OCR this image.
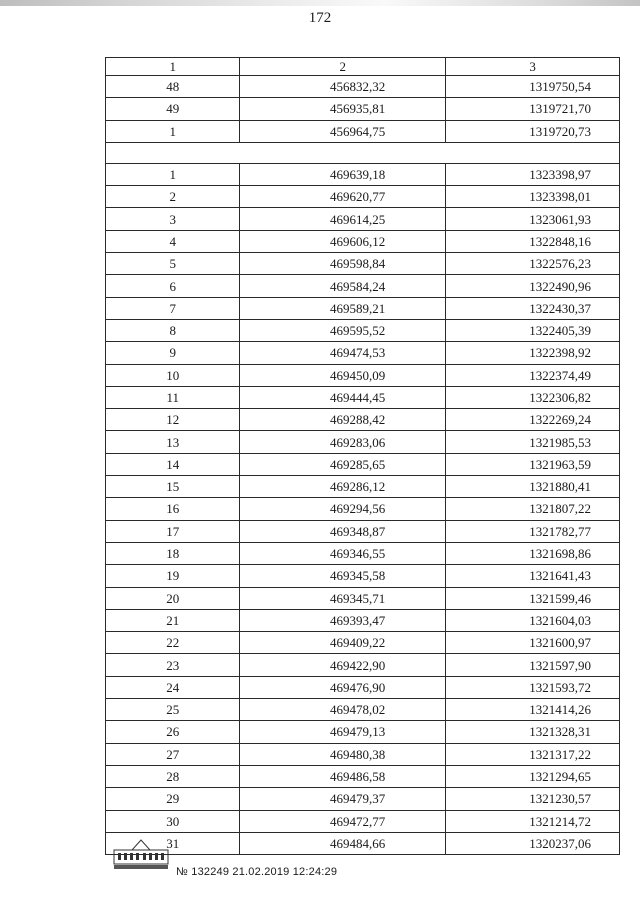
172
1	2	3
48	456832,32	1319750,54
49	456935,81	1319721,70
1	456964,75	1319720,73

1	469639,18	1323398,97
2	469620,77	1323398,01
3	469614,25	1323061,93
4	469606,12	1322848,16
5	469598,84	1322576,23
6	469584,24	1322490,96
7	469589,21	1322430,37
8	469595,52	1322405,39
9	469474,53	1322398,92
10	469450,09	1322374,49
11	469444,45	1322306,82
12	469288,42	1322269,24
13	469283,06	1321985,53
14	469285,65	1321963,59
15	469286,12	1321880,41
16	469294,56	1321807,22
17	469348,87	1321782,77
18	469346,55	1321698,86
19	469345,58	1321641,43
20	469345,71	1321599,46
21	469393,47	1321604,03
22	469409,22	1321600,97
23	469422,90	1321597,90
24	469476,90	1321593,72
25	469478,02	1321414,26
26	469479,13	1321328,31
27	469480,38	1321317,22
28	469486,58	1321294,65
29	469479,37	1321230,57
30	469472,77	1321214,72
31	469484,66	1320237,06
№ 132249 21.02.2019 12:24:29
